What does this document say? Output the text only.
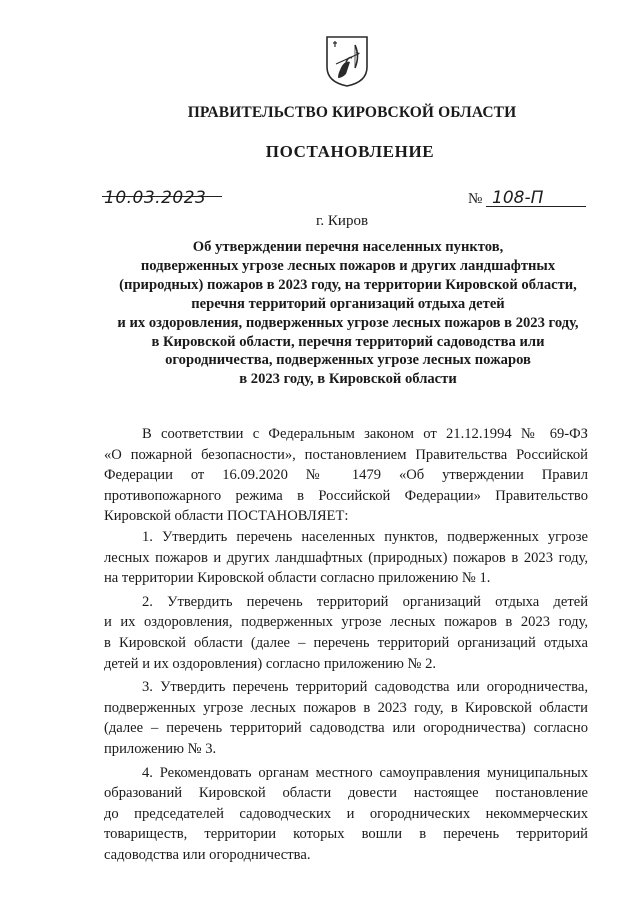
ПРАВИТЕЛЬСТВО КИРОВСКОЙ ОБЛАСТИ
ПОСТАНОВЛЕНИЕ
10.03.2023	№ 108-П
г. Киров
Об утверждении перечня населенных пунктов,
подверженных угрозе лесных пожаров и других ландшафтных
(природных) пожаров в 2023 году, на территории Кировской области,
перечня территорий организаций отдыха детей
и их оздоровления, подверженных угрозе лесных пожаров в 2023 году,
в Кировской области, перечня территорий садоводства или
огородничества, подверженных угрозе лесных пожаров
в 2023 году, в Кировской области
В соответствии с Федеральным законом от 21.12.1994 № 69-ФЗ
«О пожарной безопасности», постановлением Правительства Российской
Федерации от 16.09.2020 № 1479 «Об утверждении Правил
противопожарного режима в Российской Федерации» Правительство
Кировской области ПОСТАНОВЛЯЕТ:
1. Утвердить перечень населенных пунктов, подверженных угрозе
лесных пожаров и других ландшафтных (природных) пожаров в 2023 году,
на территории Кировской области согласно приложению № 1.
2. Утвердить перечень территорий организаций отдыха детей
и их оздоровления, подверженных угрозе лесных пожаров в 2023 году,
в Кировской области (далее – перечень территорий организаций отдыха
детей и их оздоровления) согласно приложению № 2.
3. Утвердить перечень территорий садоводства или огородничества,
подверженных угрозе лесных пожаров в 2023 году, в Кировской области
(далее – перечень территорий садоводства или огородничества) согласно
приложению № 3.
4. Рекомендовать органам местного самоуправления муниципальных
образований Кировской области довести настоящее постановление
до председателей садоводческих и огороднических некоммерческих
товариществ, территории которых вошли в перечень территорий
садоводства или огородничества.
